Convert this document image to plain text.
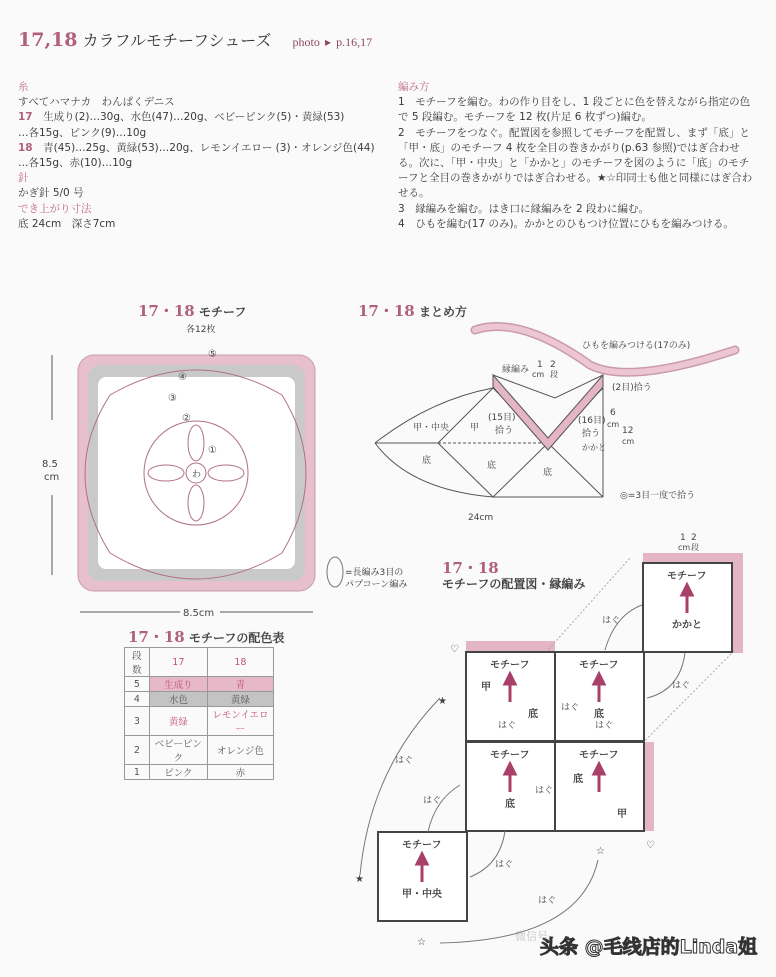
17,18 カラフルモチーフシューズ photo ▸ p.16,17
糸
すべてハマナカ　わんぱくデニス
17　 生成り(2)…30g、水色(47)…20g、ベビーピンク(5)・黄緑(53)
…各15g、ピンク(9)…10g
18　 青(45)…25g、黄緑(53)…20g、レモンイエロー (3)・オレンジ色(44)
…各15g、赤(10)…10g
針
かぎ針 5/0 号
でき上がり寸法
底 24cm　深さ7cm
編み方
1　 モチーフを編む。わの作り目をし、1 段ごとに色を替えながら指定の色で 5 段編む。モチーフを 12 枚(片足 6 枚ずつ)編む。
2　 モチーフをつなぐ。配置図を参照してモチーフを配置し、まず「底」と「甲・底」のモチーフ 4 枚を全目の巻きかがり(p.63 参照)ではぎ合わせる。次に、「甲・中央」と「かかと」のモチーフを図のように「底」のモチーフと全目の巻きかがりではぎ合わせる。★☆印同士も他と同様にはぎ合わせる。
3　 縁編みを編む。はき口に縁編みを 2 段わに編む。
4　 ひもを編む(17 のみ)。かかとのひもつけ位置にひもを編みつける。
17・18 モチーフ
各12枚
8.5
cm	わ
①
②
③
④
⑤
8.5cm
=長編み3目の
パプコーン編み
17・18 モチーフの配色表
段数	17	18
5	生成り	青
4	水色	黄緑
3	黄緑	レモンイエロー
2	ベビーピンク	オレンジ色
1	ピンク	赤
17・18 まとめ方
縁編み 1
cm
2
段
ひもを編みつける(17のみ)
(2目)拾う
(15目)
拾う
(16目)
拾う
6
cm
12
cm
甲・中央 甲
底	底
底
かかと
◎=3目一度で拾う
24cm
17・18
モチーフの配置図・縁編み
モチーフ
かかと
モチーフ
甲
底
モチーフ
底
モチーフ
底
モチーフ
底
甲
モチーフ
甲・中央
1
cm
2
段
★
★
☆
☆
♡
♡
はぐ
はぐ
はぐ
はぐ	はぐ
はぐ
はぐ
はぐ
はぐ
はぐ
头条 @毛线店的Linda姐
微信号
